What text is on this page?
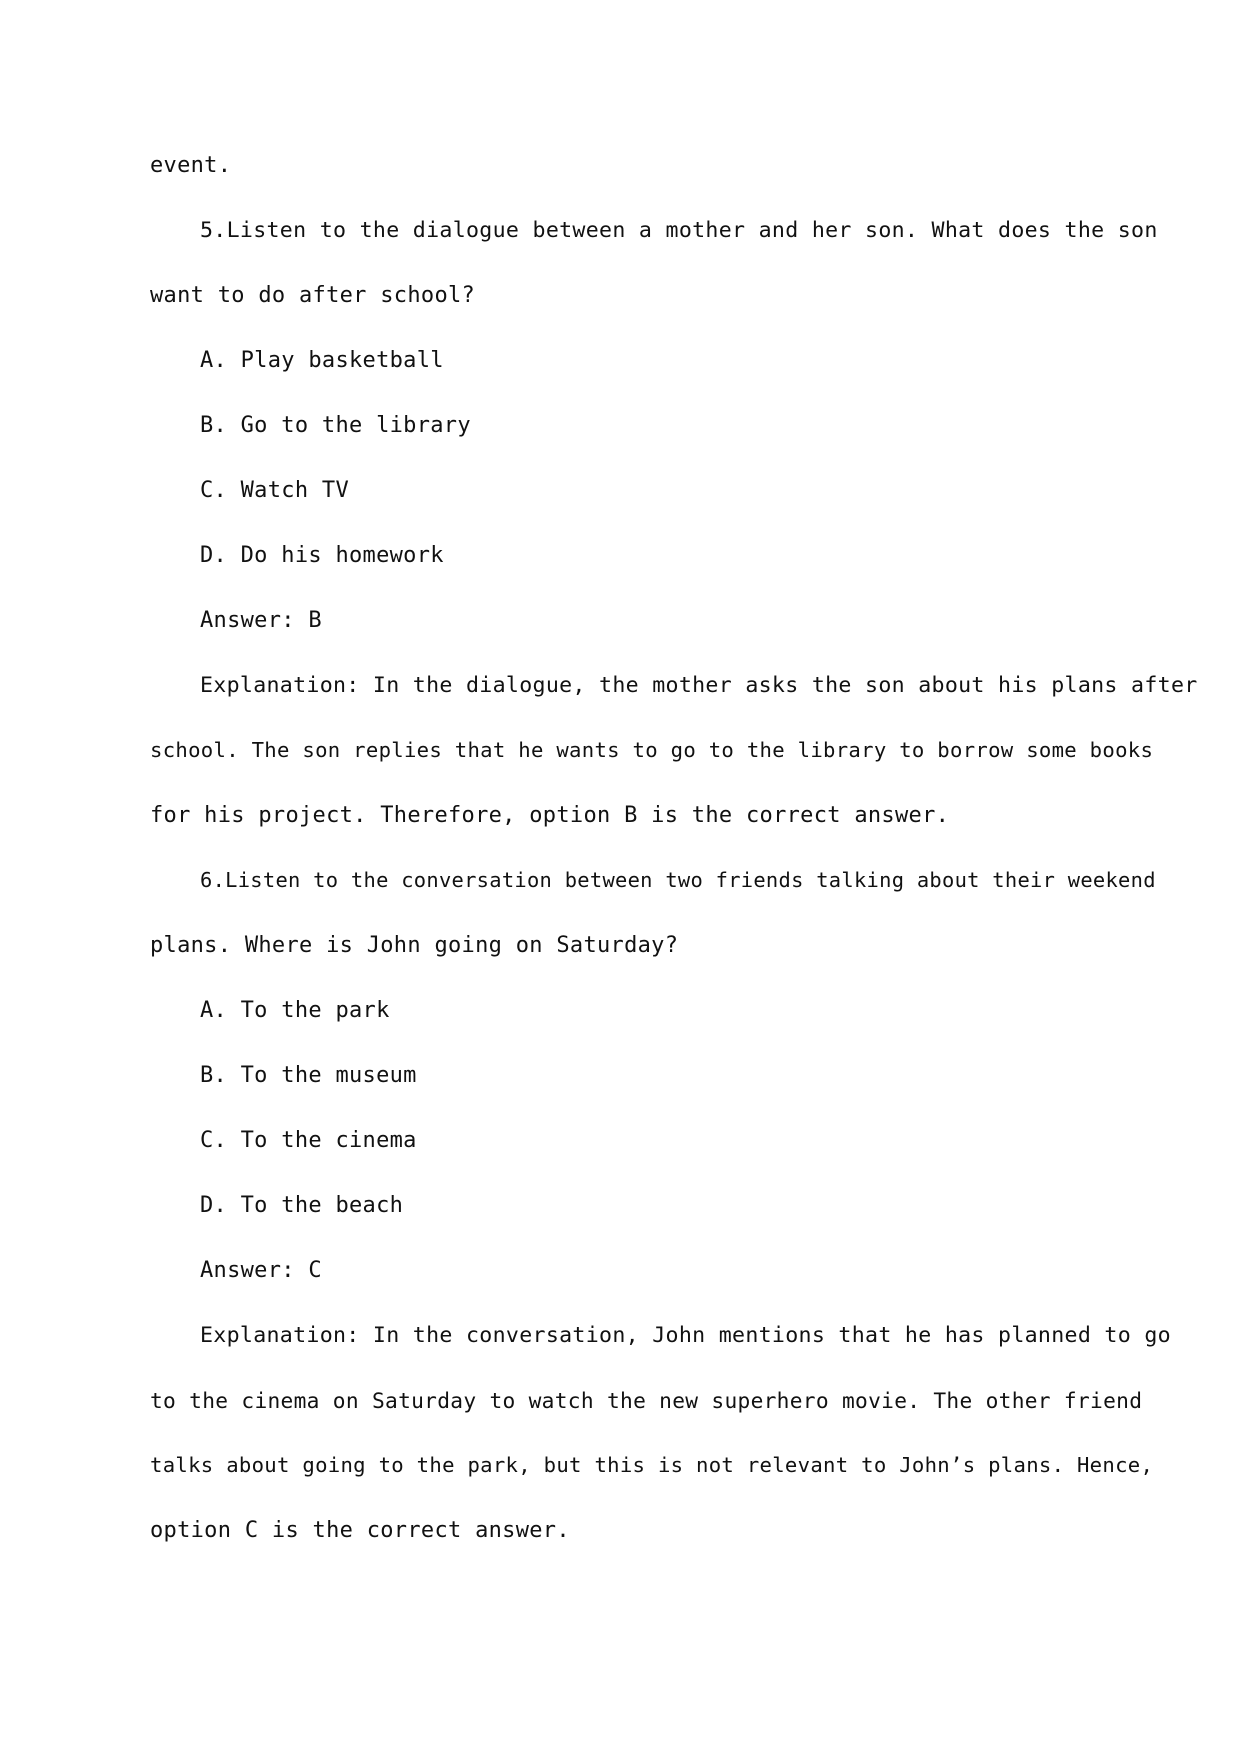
event.
5.Listen to the dialogue between a mother and her son. What does the son
want to do after school?
A. Play basketball
B. Go to the library
C. Watch TV
D. Do his homework
Answer: B
Explanation: In the dialogue, the mother asks the son about his plans after
school. The son replies that he wants to go to the library to borrow some books
for his project. Therefore, option B is the correct answer.
6.Listen to the conversation between two friends talking about their weekend
plans. Where is John going on Saturday?
A. To the park
B. To the museum
C. To the cinema
D. To the beach
Answer: C
Explanation: In the conversation, John mentions that he has planned to go
to the cinema on Saturday to watch the new superhero movie. The other friend
talks about going to the park, but this is not relevant to John’s plans. Hence,
option C is the correct answer.
